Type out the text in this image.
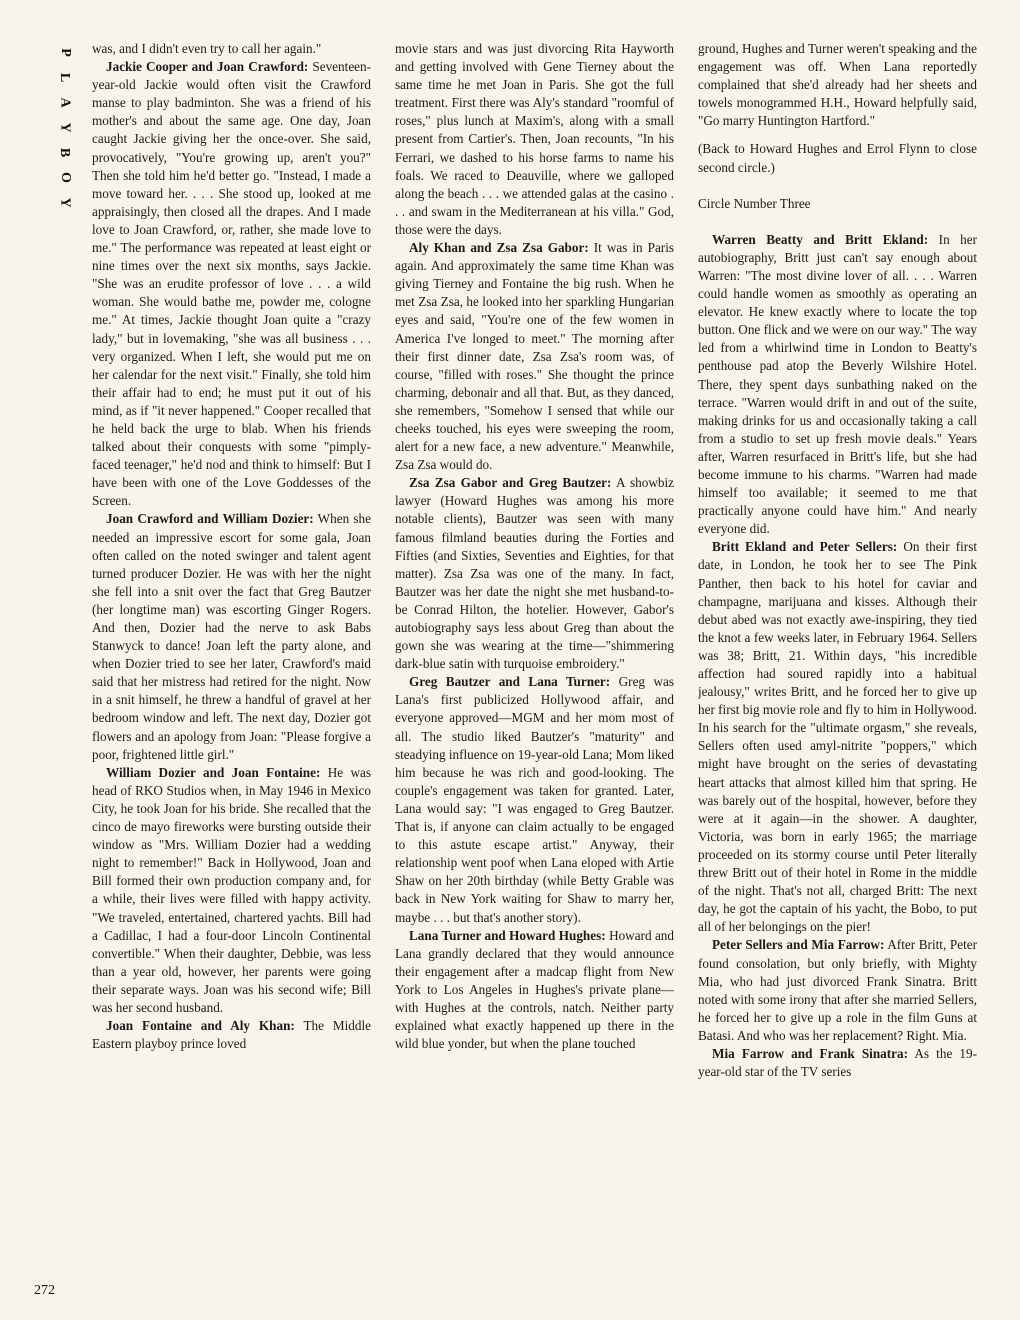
P
L
A
Y
B
O
Y
272

was, and I didn't even try to call her again."

Jackie Cooper and Joan Crawford: Seventeen-year-old Jackie would often visit the Crawford manse to play badminton. She was a friend of his mother's and about the same age. One day, Joan caught Jackie giving her the once-over. She said, provocatively, "You're growing up, aren't you?" Then she told him he'd better go. "Instead, I made a move toward her. . . . She stood up, looked at me appraisingly, then closed all the drapes. And I made love to Joan Crawford, or, rather, she made love to me." The performance was repeated at least eight or nine times over the next six months, says Jackie. "She was an erudite professor of love . . . a wild woman. She would bathe me, powder me, cologne me." At times, Jackie thought Joan quite a "crazy lady," but in lovemaking, "she was all business . . . very organized. When I left, she would put me on her calendar for the next visit." Finally, she told him their affair had to end; he must put it out of his mind, as if "it never happened." Cooper recalled that he held back the urge to blab. When his friends talked about their conquests with some "pimply-faced teenager," he'd nod and think to himself: But I have been with one of the Love Goddesses of the Screen.

Joan Crawford and William Dozier: When she needed an impressive escort for some gala, Joan often called on the noted swinger and talent agent turned producer Dozier. He was with her the night she fell into a snit over the fact that Greg Bautzer (her longtime man) was escorting Ginger Rogers. And then, Dozier had the nerve to ask Babs Stanwyck to dance! Joan left the party alone, and when Dozier tried to see her later, Crawford's maid said that her mistress had retired for the night. Now in a snit himself, he threw a handful of gravel at her bedroom window and left. The next day, Dozier got flowers and an apology from Joan: "Please forgive a poor, frightened little girl."

William Dozier and Joan Fontaine: He was head of RKO Studios when, in May 1946 in Mexico City, he took Joan for his bride. She recalled that the cinco de mayo fireworks were bursting outside their window as "Mrs. William Dozier had a wedding night to remember!" Back in Hollywood, Joan and Bill formed their own production company and, for a while, their lives were filled with happy activity. "We traveled, entertained, chartered yachts. Bill had a Cadillac, I had a four-door Lincoln Continental convertible." When their daughter, Debbie, was less than a year old, however, her parents were going their separate ways. Joan was his second wife; Bill was her second husband.

Joan Fontaine and Aly Khan: The Middle Eastern playboy prince loved

movie stars and was just divorcing Rita Hayworth and getting involved with Gene Tierney about the same time he met Joan in Paris. She got the full treatment. First there was Aly's standard "roomful of roses," plus lunch at Maxim's, along with a small present from Cartier's. Then, Joan recounts, "In his Ferrari, we dashed to his horse farms to name his foals. We raced to Deauville, where we galloped along the beach . . . we attended galas at the casino . . . and swam in the Mediterranean at his villa." God, those were the days.

Aly Khan and Zsa Zsa Gabor: It was in Paris again. And approximately the same time Khan was giving Tierney and Fontaine the big rush. When he met Zsa Zsa, he looked into her sparkling Hungarian eyes and said, "You're one of the few women in America I've longed to meet." The morning after their first dinner date, Zsa Zsa's room was, of course, "filled with roses." She thought the prince charming, debonair and all that. But, as they danced, she remembers, "Somehow I sensed that while our cheeks touched, his eyes were sweeping the room, alert for a new face, a new adventure." Meanwhile, Zsa Zsa would do.

Zsa Zsa Gabor and Greg Bautzer: A showbiz lawyer (Howard Hughes was among his more notable clients), Bautzer was seen with many famous filmland beauties during the Forties and Fifties (and Sixties, Seventies and Eighties, for that matter). Zsa Zsa was one of the many. In fact, Bautzer was her date the night she met husband-to-be Conrad Hilton, the hotelier. However, Gabor's autobiography says less about Greg than about the gown she was wearing at the time—"shimmering dark-blue satin with turquoise embroidery."

Greg Bautzer and Lana Turner: Greg was Lana's first publicized Hollywood affair, and everyone approved—MGM and her mom most of all. The studio liked Bautzer's "maturity" and steadying influence on 19-year-old Lana; Mom liked him because he was rich and good-looking. The couple's engagement was taken for granted. Later, Lana would say: "I was engaged to Greg Bautzer. That is, if anyone can claim actually to be engaged to this astute escape artist." Anyway, their relationship went poof when Lana eloped with Artie Shaw on her 20th birthday (while Betty Grable was back in New York waiting for Shaw to marry her, maybe . . . but that's another story).

Lana Turner and Howard Hughes: Howard and Lana grandly declared that they would announce their engagement after a madcap flight from New York to Los Angeles in Hughes's private plane—with Hughes at the controls, natch. Neither party explained what exactly happened up there in the wild blue yonder, but when the plane touched

ground, Hughes and Turner weren't speaking and the engagement was off. When Lana reportedly complained that she'd already had her sheets and towels monogrammed H.H., Howard helpfully said, "Go marry Huntington Hartford."

(Back to Howard Hughes and Errol Flynn to close second circle.)

Circle Number Three

Warren Beatty and Britt Ekland: In her autobiography, Britt just can't say enough about Warren: "The most divine lover of all. . . . Warren could handle women as smoothly as operating an elevator. He knew exactly where to locate the top button. One flick and we were on our way." The way led from a whirlwind time in London to Beatty's penthouse pad atop the Beverly Wilshire Hotel. There, they spent days sunbathing naked on the terrace. "Warren would drift in and out of the suite, making drinks for us and occasionally taking a call from a studio to set up fresh movie deals." Years after, Warren resurfaced in Britt's life, but she had become immune to his charms. "Warren had made himself too available; it seemed to me that practically anyone could have him." And nearly everyone did.

Britt Ekland and Peter Sellers: On their first date, in London, he took her to see The Pink Panther, then back to his hotel for caviar and champagne, marijuana and kisses. Although their debut abed was not exactly awe-inspiring, they tied the knot a few weeks later, in February 1964. Sellers was 38; Britt, 21. Within days, "his incredible affection had soured rapidly into a habitual jealousy," writes Britt, and he forced her to give up her first big movie role and fly to him in Hollywood. In his search for the "ultimate orgasm," she reveals, Sellers often used amyl-nitrite "poppers," which might have brought on the series of devastating heart attacks that almost killed him that spring. He was barely out of the hospital, however, before they were at it again—in the shower. A daughter, Victoria, was born in early 1965; the marriage proceeded on its stormy course until Peter literally threw Britt out of their hotel in Rome in the middle of the night. That's not all, charged Britt: The next day, he got the captain of his yacht, the Bobo, to put all of her belongings on the pier!

Peter Sellers and Mia Farrow: After Britt, Peter found consolation, but only briefly, with Mighty Mia, who had just divorced Frank Sinatra. Britt noted with some irony that after she married Sellers, he forced her to give up a role in the film Guns at Batasi. And who was her replacement? Right. Mia.

Mia Farrow and Frank Sinatra: As the 19-year-old star of the TV series
